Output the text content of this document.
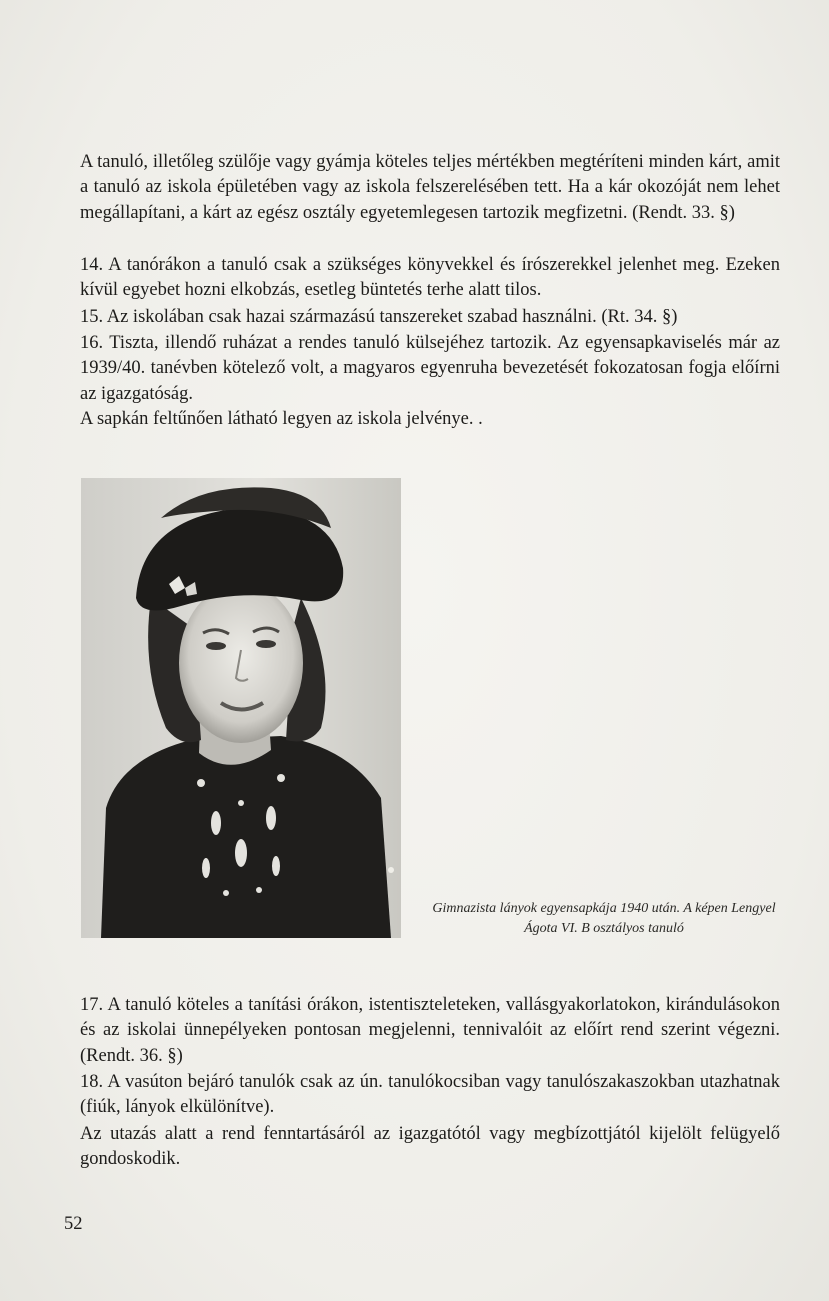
A tanuló, illetőleg szülője vagy gyámja köteles teljes mértékben megtéríteni minden kárt, amit a tanuló az iskola épületében vagy az iskola felszerelésében tett. Ha a kár okozóját nem lehet megállapítani, a kárt az egész osztály egyetemlegesen tartozik megfizetni. (Rendt. 33. §)

14. A tanórákon a tanuló csak a szükséges könyvekkel és írószerekkel jelenhet meg. Ezeken kívül egyebet hozni elkobzás, esetleg büntetés terhe alatt tilos.

15. Az iskolában csak hazai származású tanszereket szabad használni. (Rt. 34. §)

16. Tiszta, illendő ruházat a rendes tanuló külsejéhez tartozik. Az egyensapkaviselés már az 1939/40. tanévben kötelező volt, a magyaros egyenruha bevezetését fokozatosan fogja előírni az igazgatóság.

A sapkán feltűnően látható legyen az iskola jelvénye. .

Gimnazista lányok egyensapkája 1940 után. A képen Lengyel Ágota VI. B osztályos tanuló

17. A tanuló köteles a tanítási órákon, istentiszteleteken, vallásgyakorlatokon, kirándulásokon és az iskolai ünnepélyeken pontosan megjelenni, tennivalóit az előírt rend szerint végezni. (Rendt. 36. §)

18. A vasúton bejáró tanulók csak az ún. tanulókocsiban vagy tanulószakaszokban utazhatnak (fiúk, lányok elkülönítve).

Az utazás alatt a rend fenntartásáról az igazgatótól vagy megbízottjától kijelölt felügyelő gondoskodik.

52
